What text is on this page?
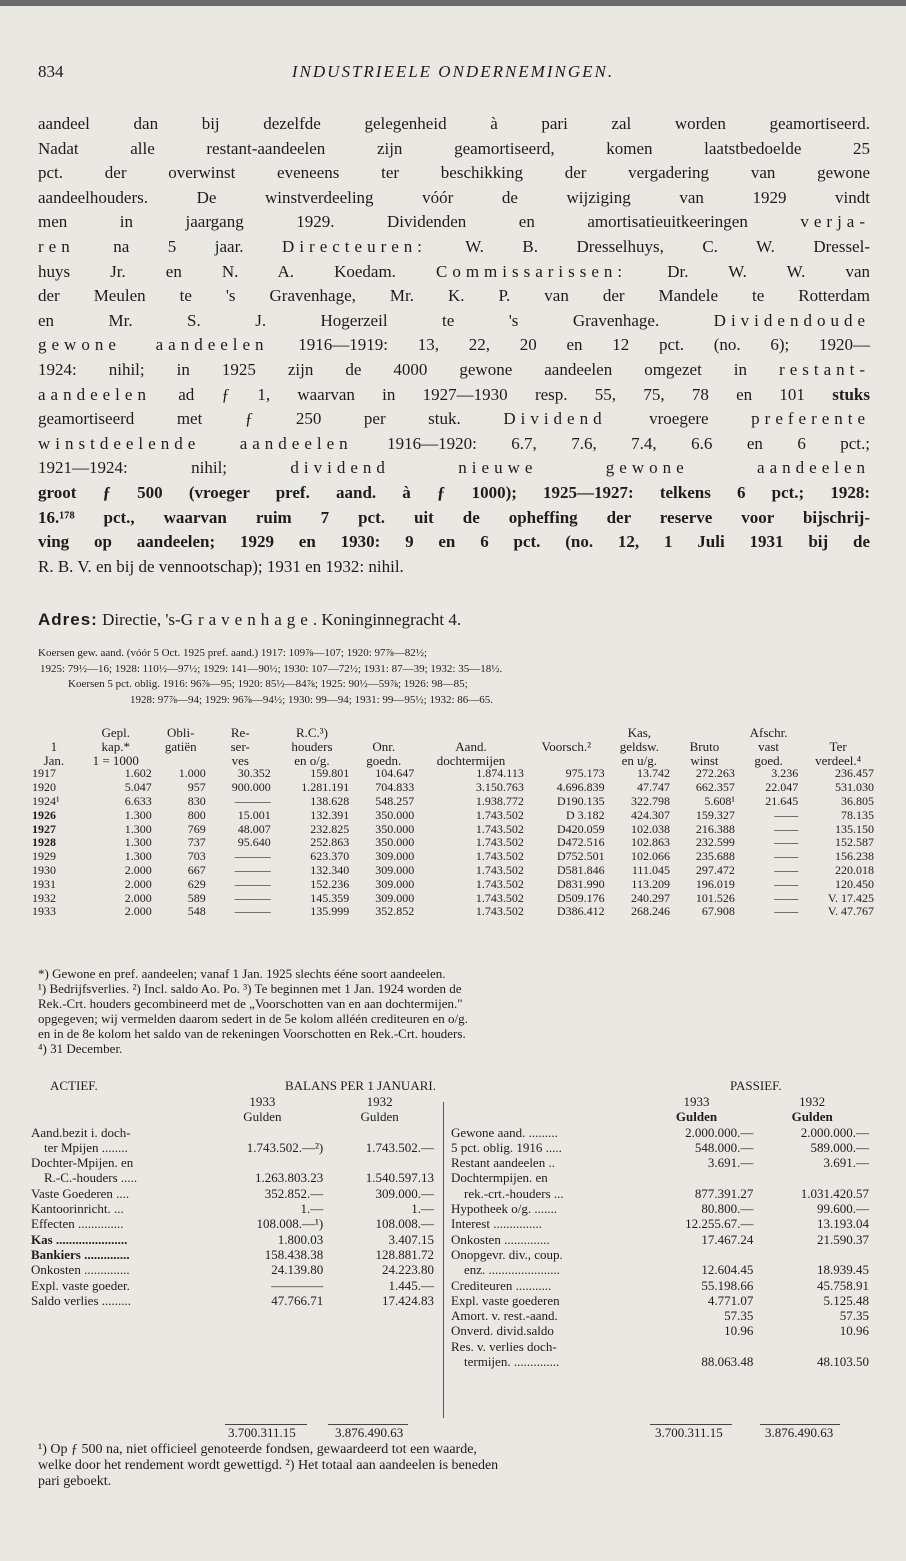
834	INDUSTRIEELE ONDERNEMINGEN.

aandeel dan bij dezelfde gelegenheid à pari zal worden geamortiseerd.

Nadat alle restant-aandeelen zijn geamortiseerd, komen laatstbedoelde 25

pct. der overwinst eveneens ter beschikking der vergadering van gewone

aandeelhouders. De winstverdeeling vóór de wijziging van 1929 vindt

men in jaargang 1929. Dividenden en amortisatieuitkeeringen	verja-

ren na 5 jaar. Directeuren: W. B. Dresselhuys, C. W. Dressel-

huys Jr. en N. A. Koedam. Commissarissen: Dr. W. W. van

der Meulen te 's Gravenhage, Mr. K. P. van der Mandele te Rotterdam

en Mr. S. J. Hogerzeil te 's Gravenhage.	Dividendoude

gewone aandeelen 1916—1919: 13, 22, 20 en 12 pct. (no. 6); 1920—

1924: nihil; in 1925 zijn de 4000 gewone aandeelen omgezet in restant-

aandeelen ad ƒ 1, waarvan in 1927—1930 resp. 55, 75, 78 en 101 stuks

geamortiseerd met ƒ 250 per stuk.	Dividend	vroegere	preferente

winstdeelende aandeelen 1916—1920: 6.7, 7.6, 7.4, 6.6 en 6 pct.;

1921—1924: nihil;	dividend nieuwe gewone aandeelen

groot ƒ 500 (vroeger pref. aand. à ƒ 1000); 1925—1927: telkens 6 pct.; 1928:

16.¹⁷⁸ pct., waarvan ruim 7 pct. uit de opheffing der reserve voor bijschrij-

ving op aandeelen; 1929 en 1930: 9 en 6 pct. (no. 12, 1 Juli 1931 bij de

R. B. V. en bij de vennootschap); 1931 en 1932: nihil.

Adres: Directie, 's-Gravenhage. Koninginnegracht 4.
Koersen gew. aand. (vóór 5 Oct. 1925 pref. aand.) 1917: 109⅞—107; 1920: 97⅞—82½;
1925: 79½—16; 1928: 110½—97½; 1929: 141—90½; 1930: 107—72½; 1931: 87—39; 1932: 35—18½.
Koersen 5 pct. oblig. 1916: 96⅞—95; 1920: 85½—84⅞; 1925: 90½—59⅞; 1926: 98—85;
1928: 97⅞—94; 1929: 96⅞—94½; 1930: 99—94; 1931: 99—95½; 1932: 86—65.
	Gepl.	Obli-	Re-	R.C.³)				Kas,		Afschr.	
1	kap.*	gatiën	ser-	houders	Onr.	Aand.	Voorsch.²	geldsw.	Bruto	vast	Ter
Jan.	1 = 1000		ves	en o/g.	goedn.	dochtermijen		en u/g.	winst	goed.	verdeel.⁴
1917	1.602	1.000	30.352	159.801	104.647	1.874.113	975.173	13.742	272.263	3.236	236.457
1920	5.047	957	900.000	1.281.191	704.833	3.150.763	4.696.839	47.747	662.357	22.047	531.030
1924¹	6.633	830	———	138.628	548.257	1.938.772	D190.135	322.798	5.608¹	21.645	36.805
1926	1.300	800	15.001	132.391	350.000	1.743.502	D 3.182	424.307	159.327	——	78.135
1927	1.300	769	48.007	232.825	350.000	1.743.502	D420.059	102.038	216.388	——	135.150
1928	1.300	737	95.640	252.863	350.000	1.743.502	D472.516	102.863	232.599	——	152.587
1929	1.300	703	———	623.370	309.000	1.743.502	D752.501	102.066	235.688	——	156.238
1930	2.000	667	———	132.340	309.000	1.743.502	D581.846	111.045	297.472	——	220.018
1931	2.000	629	———	152.236	309.000	1.743.502	D831.990	113.209	196.019	——	120.450
1932	2.000	589	———	145.359	309.000	1.743.502	D509.176	240.297	101.526	——	V. 17.425
1933	2.000	548	———	135.999	352.852	1.743.502	D386.412	268.246	67.908	——	V. 47.767
*) Gewone en pref. aandeelen; vanaf 1 Jan. 1925 slechts ééne soort aandeelen.
¹) Bedrijfsverlies. ²) Incl. saldo Ao. Po. ³) Te beginnen met 1 Jan. 1924 worden de
Rek.-Crt. houders gecombineerd met de „Voorschotten van en aan dochtermijen."
opgegeven; wij vermelden daarom sedert in de 5e kolom alléén crediteuren en o/g.
en in de 8e kolom het saldo van de rekeningen Voorschotten en Rek.-Crt. houders.
⁴) 31 December.
ACTIEF.	BALANS PER 1 JANUARI.	PASSIEF.
	1933	1932
	Gulden	Gulden
Aand.bezit i. doch-		
ter Mpijen ........	1.743.502.—²)	1.743.502.—
Dochter-Mpijen. en		
R.-C.-houders .....	1.263.803.23	1.540.597.13
Vaste Goederen ....	352.852.—	309.000.—
Kantoorinricht. ...	1.—	1.—
Effecten ..............	108.008.—¹)	108.008.—
Kas ......................	1.800.03	3.407.15
Bankiers ..............	158.438.38	128.881.72
Onkosten ..............	24.139.80	24.223.80
Expl. vaste goeder.	————	1.445.—
Saldo verlies .........	47.766.71	17.424.83
	1933	1932
	Gulden	Gulden
Gewone aand. .........	2.000.000.—	2.000.000.—
5 pct. oblig. 1916 .....	548.000.—	589.000.—
Restant aandeelen ..	3.691.—	3.691.—
Dochtermpijen. en		
rek.-crt.-houders ...	877.391.27	1.031.420.57
Hypotheek o/g. .......	80.800.—	99.600.—
Interest ...............	12.255.67.—	13.193.04
Onkosten ..............	17.467.24	21.590.37
Onopgevr. div., coup.		
enz. ......................	12.604.45	18.939.45
Crediteuren ...........	55.198.66	45.758.91
Expl. vaste goederen	4.771.07	5.125.48
Amort. v. rest.-aand.	57.35	57.35
Onverd. divid.saldo	10.96	10.96
Res. v. verlies doch-		
termijen. ..............	88.063.48	48.103.50
3.700.311.15	3.876.490.63	3.700.311.15	3.876.490.63
¹) Op ƒ 500 na, niet officieel genoteerde fondsen, gewaardeerd tot een waarde,
welke door het rendement wordt gewettigd. ²) Het totaal aan aandeelen is beneden
pari geboekt.
